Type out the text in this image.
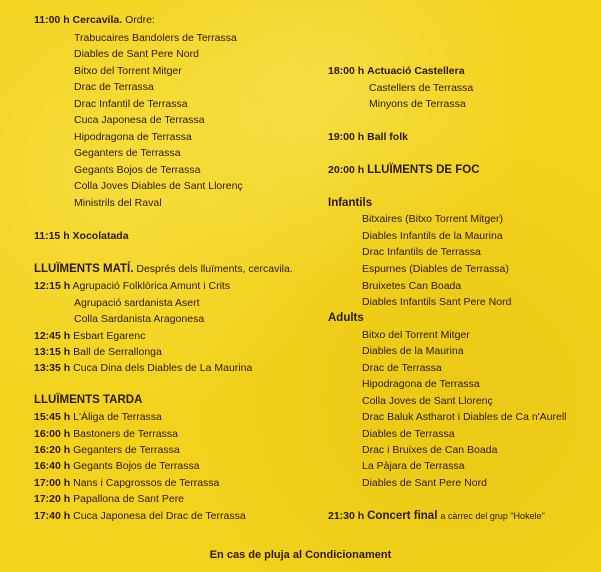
11:00 h Cercavila. Ordre:
Trabucaires Bandolers de Terrassa
Diables de Sant Pere Nord
Bitxo del Torrent Mitger
Drac de Terrassa
Drac Infantil de Terrassa
Cuca Japonesa de Terrassa
Hipodragona de Terrassa
Geganters de Terrassa
Gegants Bojos de Terrassa
Colla Joves Diables de Sant Llorenç
Ministrils del Raval
11:15 h Xocolatada
LLUÏMENTS MATÍ. Després dels lluïments, cercavila.
12:15 h Agrupació Folklòrica Amunt i Crits
Agrupació sardanista Asert
Colla Sardanista Aragonesa
12:45 h Esbart Egarenc
13:15 h Ball de Serrallonga
13:35 h Cuca Dina dels Diables de La Maurina
LLUÏMENTS TARDA
15:45 h L'Àliga de Terrassa
16:00 h Bastoners de Terrassa
16:20 h Geganters de Terrassa
16:40 h Gegants Bojos de Terrassa
17:00 h Nans i Capgrossos de Terrassa
17:20 h Papallona de Sant Pere
17:40 h Cuca Japonesa del Drac de Terrassa
18:00 h Actuació Castellera
Castellers de Terrassa
Minyons de Terrassa
19:00 h Ball folk
20:00 h LLUÏMENTS DE FOC
Infantils
Bitxaires (Bitxo Torrent Mitger)
Diables Infantils de la Maurina
Drac Infantils de Terrassa
Espurnes (Diables de Terrassa)
Bruixetes Can Boada
Diables Infantils Sant Pere Nord
Adults
Bitxo del Torrent Mitger
Diables de la Maurina
Drac de Terrassa
Hipodragona de Terrassa
Colla Joves de Sant Llorenç
Drac Baluk Astharot i Diables de Ca n'Aurell
Diables de Terrassa
Drac i Bruixes de Can Boada
La Pàjara de Terrassa
Diables de Sant Pere Nord
21:30 h Concert final a càrrec del grup "Hokele"
En cas de pluja al Condicionament
